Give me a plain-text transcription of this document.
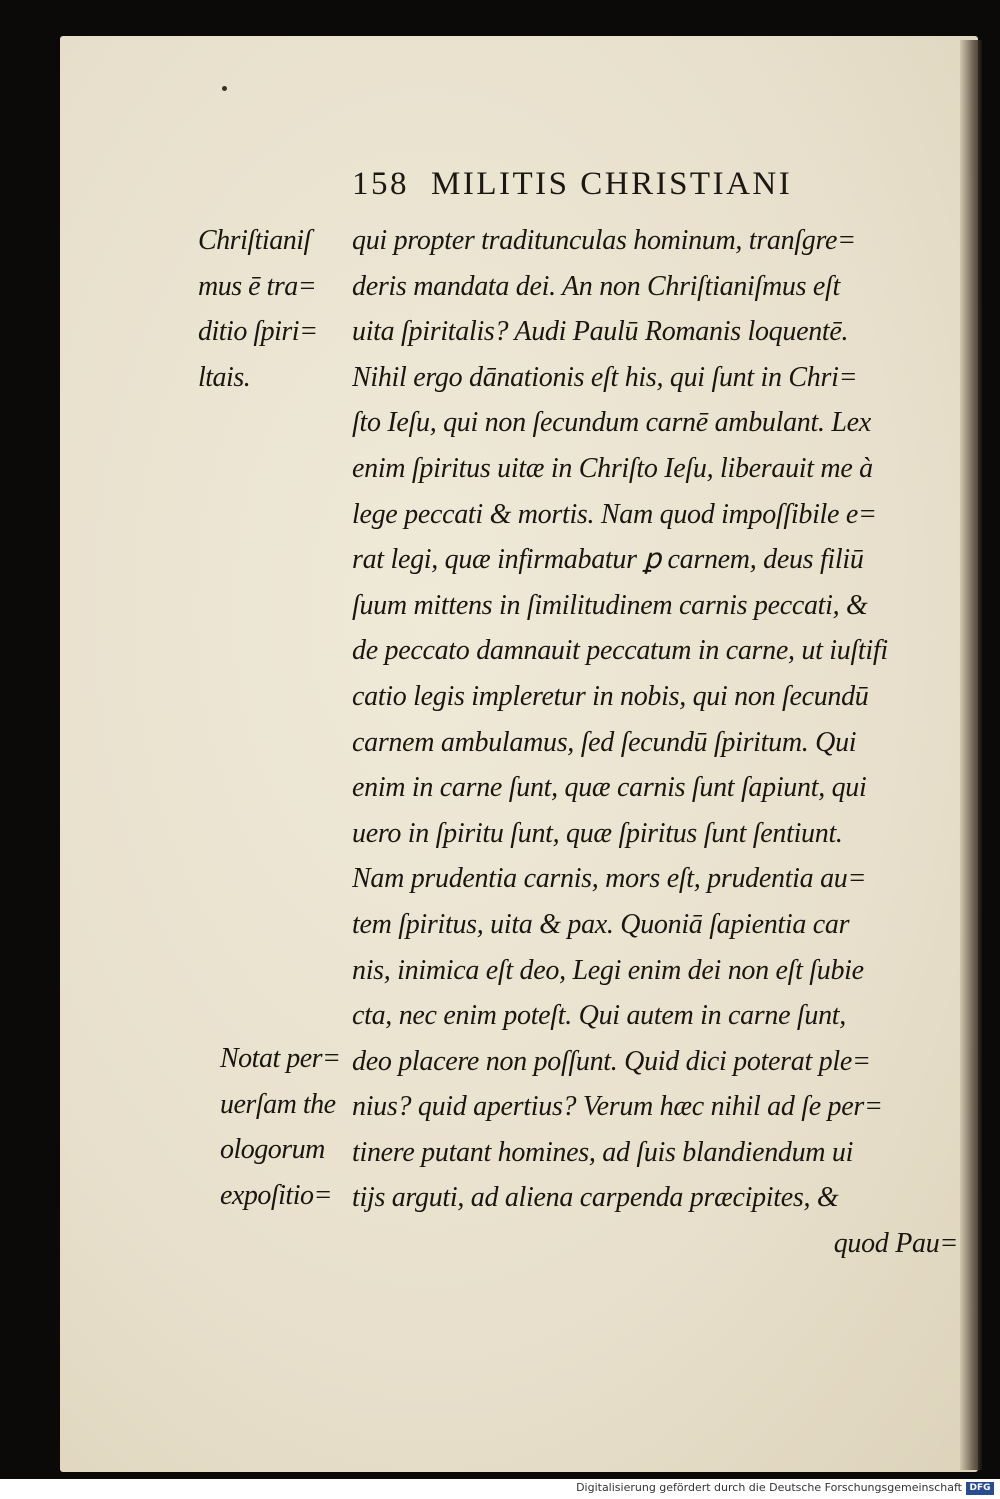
158 MILITIS CHRISTIANI
Chriſtianiſ
mus ē tra=
ditio ſpiri=
ltais.
Notat per=
uerſam the
ologorum
expoſitio=
qui propter traditunculas hominum, tranſgre=
deris mandata dei. An non Chriſtianiſmus eſt
uita ſpiritalis? Audi Paulū Romanis loquentē.
Nihil ergo dānationis eſt his, qui ſunt in Chri=
ſto Ieſu, qui non ſecundum carnē ambulant. Lex
enim ſpiritus uitæ in Chriſto Ieſu, liberauit me à
lege peccati & mortis. Nam quod impoſſibile e=
rat legi, quæ infirmabatur ꝑ carnem, deus filiū
ſuum mittens in ſimilitudinem carnis peccati, &
de peccato damnauit peccatum in carne, ut iuſtifi
catio legis impleretur in nobis, qui non ſecundū
carnem ambulamus, ſed ſecundū ſpiritum. Qui
enim in carne ſunt, quæ carnis ſunt ſapiunt, qui
uero in ſpiritu ſunt, quæ ſpiritus ſunt ſentiunt.
Nam prudentia carnis, mors eſt, prudentia au=
tem ſpiritus, uita & pax. Quoniā ſapientia car
nis, inimica eſt deo, Legi enim dei non eſt ſubie
cta, nec enim poteſt. Qui autem in carne ſunt,
deo placere non poſſunt. Quid dici poterat ple=
nius? quid apertius? Verum hæc nihil ad ſe per=
tinere putant homines, ad ſuis blandiendum ui
tijs arguti, ad aliena carpenda præcipites, &
quod Pau=
Digitalisierung gefördert durch die Deutsche Forschungsgemeinschaft DFG
